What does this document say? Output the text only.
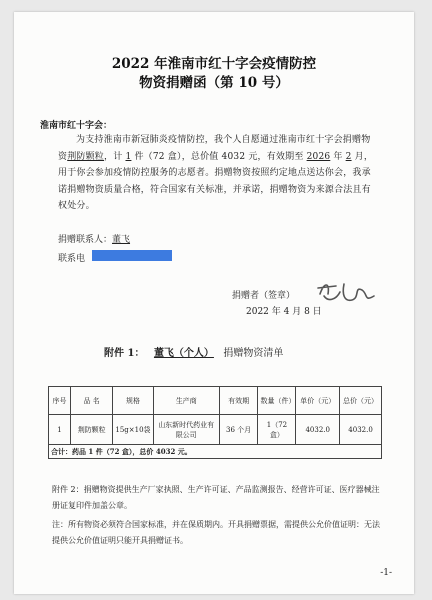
2022 年淮南市红十字会疫情防控
物资捐赠函（第 10 号）
淮南市红十字会：
为支持淮南市新冠肺炎疫情防控，我个人自愿通过淮南市红十字会捐赠物资荆防颗粒，计 1 件（72 盒），总价值 4032 元，有效期至 2026 年 2 月，用于你会参加疫情防控服务的志愿者。捐赠物资按照约定地点送达你会，我承诺捐赠物资质量合格，符合国家有关标准，并承诺，捐赠物资为来源合法且有权处分。
捐赠联系人：董飞
联系电
捐赠者（签章）
2022 年 4 月 8 日
附件 1： 董飞（个人） 捐赠物资清单
序号	品 名	规格	生产商	有效期	数量（件）	单价（元）	总价（元）
1	荆防颗粒	15g×10袋	山东新时代药业有限公司	36 个月	1（72 盒）	4032.0	4032.0
合计：药品 1 件（72 盒），总价 4032 元。							
附件 2：捐赠物资提供生产厂家执照、生产许可证、产品监测报告、经营许可证、医疗器械注册证复印件加盖公章。
注：所有物资必须符合国家标准，并在保质期内。开具捐赠票据，需提供公允价值证明：无法提供公允价值证明只能开具捐赠证书。
-1-
